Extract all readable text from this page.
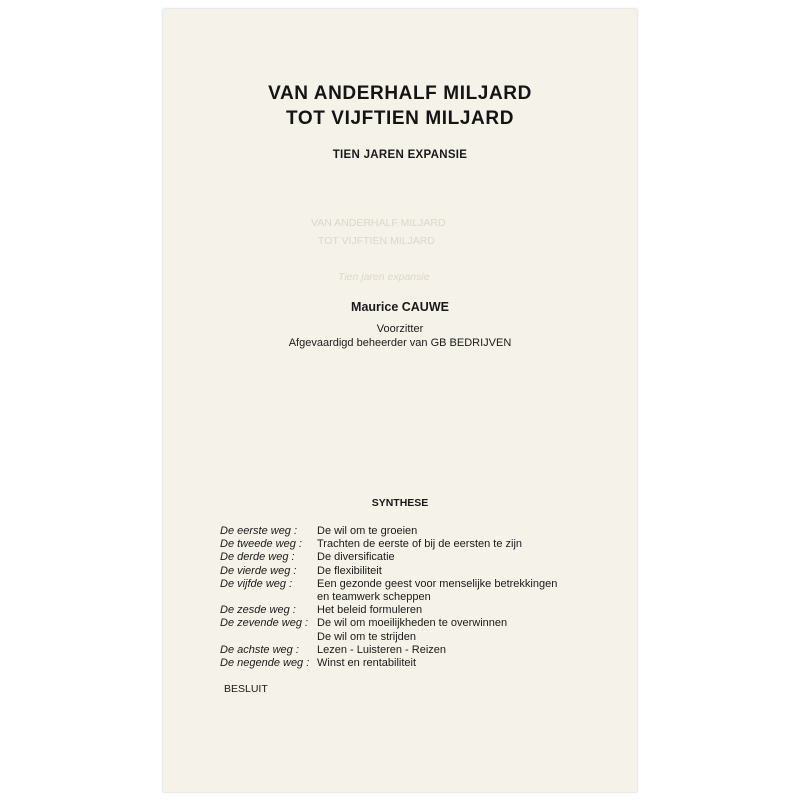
VAN ANDERHALF MILJARD
TOT VIJFTIEN MILJARD
Tien jaren expansie
VAN ANDERHALF MILJARD
TOT VIJFTIEN MILJARD
TIEN JAREN EXPANSIE
Maurice CAUWE
Voorzitter
Afgevaardigd beheerder van GB BEDRIJVEN
SYNTHESE
De eerste weg :	De wil om te groeien
De tweede weg :	Trachten de eerste of bij de eersten te zijn
De derde weg :	De diversificatie
De vierde weg :	De flexibiliteit
De vijfde weg :	Een gezonde geest voor menselijke betrekkingen
en teamwerk scheppen
De zesde weg :	Het beleid formuleren
De zevende weg : De wil om moeilijkheden te overwinnen
De wil om te strijden
De achste weg :	Lezen - Luisteren - Reizen
De negende weg : Winst en rentabiliteit
BESLUIT
